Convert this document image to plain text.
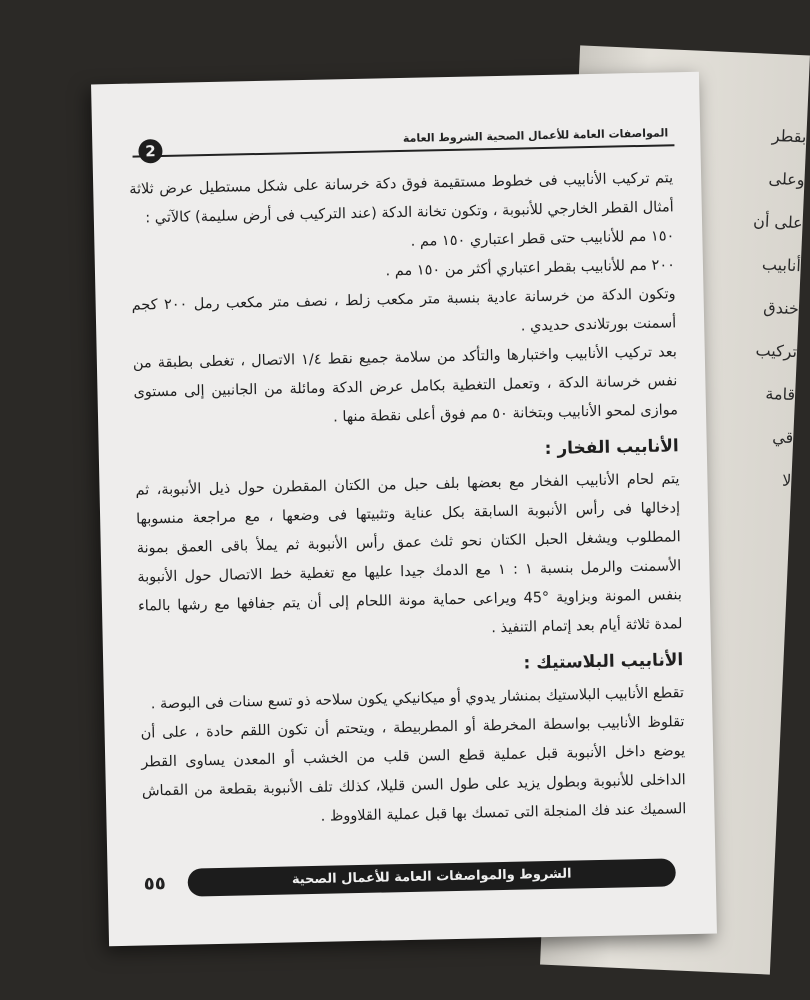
بقطر
وعلى
على أن
أنابيب
خندق
تركيب
قامة
قي
لا
المواصفات العامة للأعمال الصحية الشروط العامة
2

يتم تركيب الأنابيب فى خطوط مستقيمة فوق دكة خرسانة على شكل مستطيل عرض ثلاثة أمثال القطر الخارجي للأنبوبة ، وتكون تخانة الدكة (عند التركيب فى أرض سليمة) كالآتي :

١٥٠ مم للأنابيب حتى قطر اعتباري ١٥٠ مم .

٢٠٠ مم للأنابيب بقطر اعتباري أكثر من ١٥٠ مم .

وتكون الدكة من خرسانة عادية بنسبة متر مكعب زلط ، نصف متر مكعب رمل ٢٠٠ كجم أسمنت بورتلاندى حديدي .

بعد تركيب الأنابيب واختبارها والتأكد من سلامة جميع نقط ١/٤ الاتصال ، تغطى بطبقة من نفس خرسانة الدكة ، وتعمل التغطية بكامل عرض الدكة ومائلة من الجانبين إلى مستوى موازى لمحو الأنابيب وبتخانة ٥٠ مم فوق أعلى نقطة منها .

الأنابيب الفخار :

يتم لحام الأنابيب الفخار مع بعضها بلف حبل من الكتان المقطرن حول ذيل الأنبوبة، ثم إدخالها فى رأس الأنبوبة السابقة بكل عناية وتثبيتها فى وضعها ، مع مراجعة منسوبها المطلوب ويشغل الحبل الكتان نحو ثلث عمق رأس الأنبوبة ثم يملأ باقى العمق بمونة الأسمنت والرمل بنسبة ١ : ١ مع الدمك جيدا عليها مع تغطية خط الاتصال حول الأنبوبة بنفس المونة وبزاوية °45 ويراعى حماية مونة اللحام إلى أن يتم جفافها مع رشها بالماء لمدة ثلاثة أيام بعد إتمام التنفيذ .

الأنابيب البلاستيك :

تقطع الأنابيب البلاستيك بمنشار يدوي أو ميكانيكي يكون سلاحه ذو تسع سنات فى البوصة .

تقلوظ الأنابيب بواسطة المخرطة أو المطربيطة ، ويتحتم أن تكون اللقم حادة ، على أن يوضع داخل الأنبوبة قبل عملية قطع السن قلب من الخشب أو المعدن يساوى القطر الداخلى للأنبوبة وبطول يزيد على طول السن قليلا، كذلك تلف الأنبوبة بقطعة من القماش السميك عند فك المنجلة التى تمسك بها قبل عملية القلاووظ .

٥٥	الشروط والمواصفات العامة للأعمال الصحية
